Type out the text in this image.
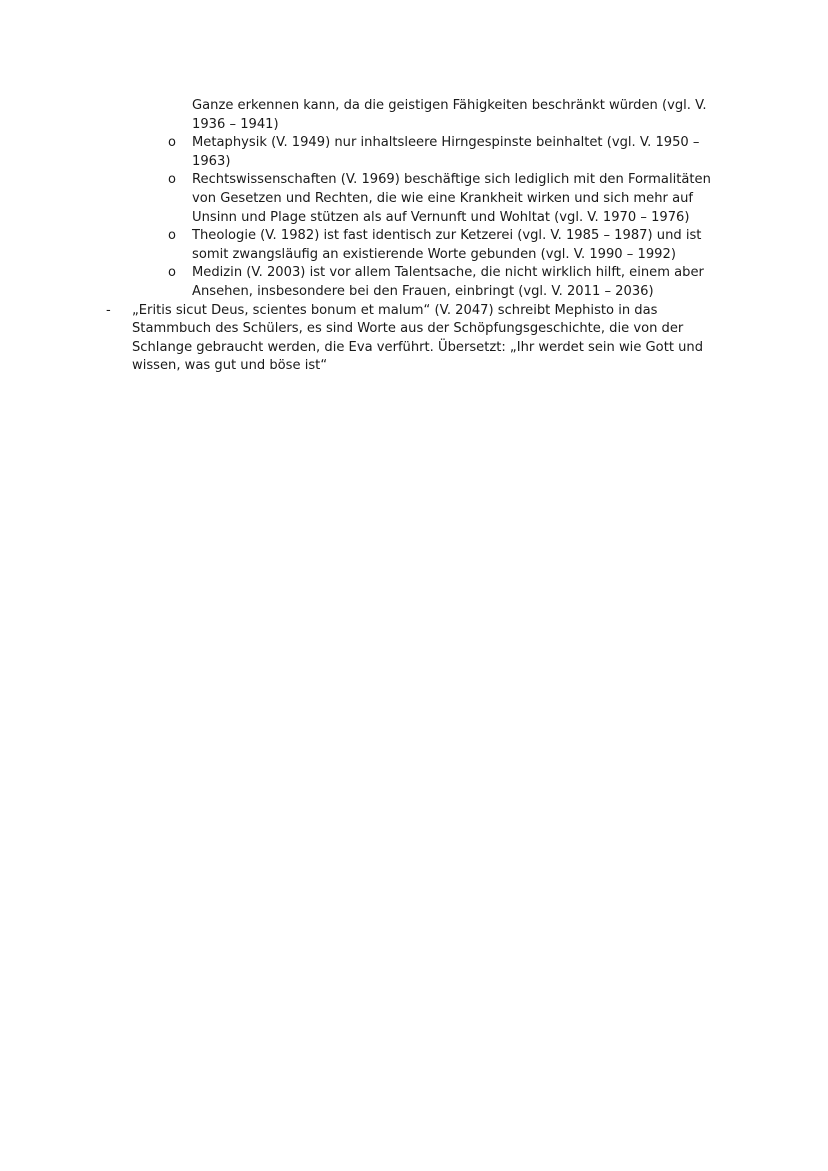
Ganze erkennen kann, da die geistigen Fähigkeiten beschränkt würden (vgl. V.
1936 – 1941)
o Metaphysik (V. 1949) nur inhaltsleere Hirngespinste beinhaltet (vgl. V. 1950 –
1963)
o Rechtswissenschaften (V. 1969) beschäftige sich lediglich mit den Formalitäten
von Gesetzen und Rechten, die wie eine Krankheit wirken und sich mehr auf
Unsinn und Plage stützen als auf Vernunft und Wohltat (vgl. V. 1970 – 1976)
o Theologie (V. 1982) ist fast identisch zur Ketzerei (vgl. V. 1985 – 1987) und ist
somit zwangsläufig an existierende Worte gebunden (vgl. V. 1990 – 1992)
o Medizin (V. 2003) ist vor allem Talentsache, die nicht wirklich hilft, einem aber
Ansehen, insbesondere bei den Frauen, einbringt (vgl. V. 2011 – 2036)
- „Eritis sicut Deus, scientes bonum et malum“ (V. 2047) schreibt Mephisto in das
Stammbuch des Schülers, es sind Worte aus der Schöpfungsgeschichte, die von der
Schlange gebraucht werden, die Eva verführt. Übersetzt: „Ihr werdet sein wie Gott und
wissen, was gut und böse ist“
